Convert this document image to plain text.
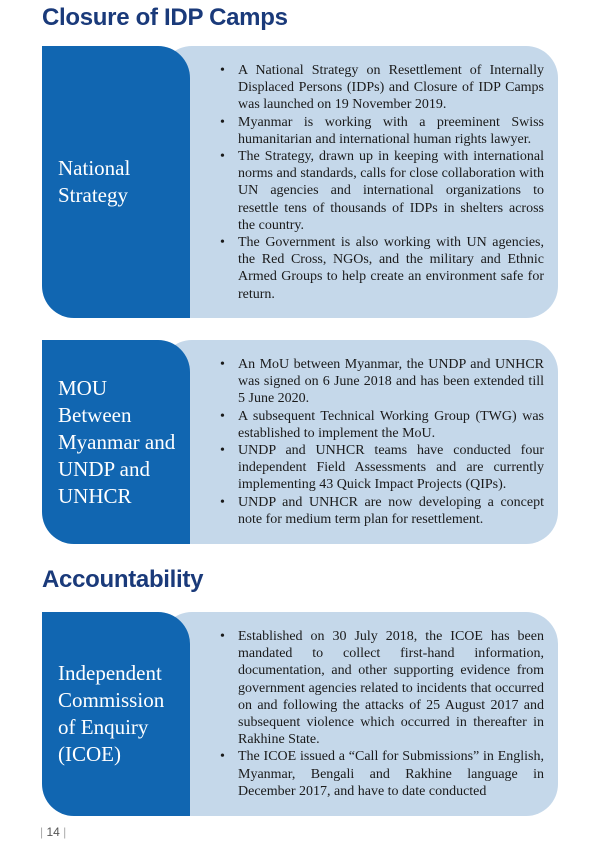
Closure of IDP Camps
National Strategy
• A National Strategy on Resettlement of Internally Displaced Persons (IDPs) and Closure of IDP Camps was launched on 19 November 2019.
• Myanmar is working with a preeminent Swiss humanitarian and international human rights lawyer.
• The Strategy, drawn up in keeping with international norms and standards, calls for close collaboration with UN agencies and international organizations to resettle tens of thousands of IDPs in shelters across the country.
• The Government is also working with UN agencies, the Red Cross, NGOs, and the military and Ethnic Armed Groups to help create an environment safe for return.
MOU Between Myanmar and UNDP and UNHCR
• An MoU between Myanmar, the UNDP and UNHCR was signed on 6 June 2018 and has been extended till 5 June 2020.
• A subsequent Technical Working Group (TWG) was established to implement the MoU.
• UNDP and UNHCR teams have conducted four independent Field Assessments and are currently implementing 43 Quick Impact Projects (QIPs).
• UNDP and UNHCR are now developing a concept note for medium term plan for resettlement.
Accountability
Independent Commission of Enquiry (ICOE)
• Established on 30 July 2018, the ICOE has been mandated to collect first-hand information, documentation, and other supporting evidence from government agencies related to incidents that occurred on and following the attacks of 25 August 2017 and subsequent violence which occurred in thereafter in Rakhine State.
• The ICOE issued a “Call for Submissions” in English, Myanmar, Bengali and Rakhine language in December 2017, and have to date conducted
| 14 |
